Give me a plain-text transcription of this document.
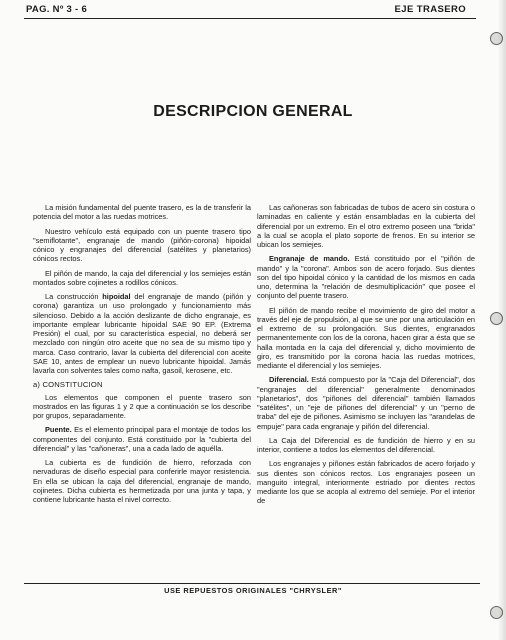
PAG. Nº 3 - 6	EJE TRASERO
DESCRIPCION GENERAL

La misión fundamental del puente trasero, es la de transferir la potencia del motor a las ruedas motrices.

Nuestro vehículo está equipado con un puente trasero tipo "semiflotante", engranaje de mando (piñón-corona) hipoidal cónico y engranajes del diferencial (satélites y planetarios) cónicos rectos.

El piñón de mando, la caja del diferencial y los semiejes están montados sobre cojinetes a rodillos cónicos.

La construcción hipoidal del engranaje de mando (piñón y corona) garantiza un uso prolongado y funcionamiento más silencioso. Debido a la acción deslizante de dicho engranaje, es importante emplear lubricante hipoidal SAE 90 EP. (Extrema Presión) el cual, por su característica especial, no deberá ser mezclado con ningún otro aceite que no sea de su mismo tipo y marca. Caso contrario, lavar la cubierta del diferencial con aceite SAE 10, antes de emplear un nuevo lubricante hipoidal. Jamás lavarla con solventes tales como nafta, gasoil, kerosene, etc.

a) CONSTITUCION

Los elementos que componen el puente trasero son mostrados en las figuras 1 y 2 que a continuación se los describe por grupos, separadamente.

Puente. Es el elemento principal para el montaje de todos los componentes del conjunto. Está constituido por la "cubierta del diferencial" y las "cañoneras", una a cada lado de aquélla.

La cubierta es de fundición de hierro, reforzada con nervaduras de diseño especial para conferirle mayor resistencia. En ella se ubican la caja del diferencial, engranaje de mando, cojinetes. Dicha cubierta es hermetizada por una junta y tapa, y contiene lubricante hasta el nivel correcto.

Las cañoneras son fabricadas de tubos de acero sin costura o laminadas en caliente y están ensambladas en la cubierta del diferencial por un extremo. En el otro extremo poseen una "brida" a la cual se acopla el plato soporte de frenos. En su interior se ubican los semiejes.

Engranaje de mando. Está constituido por el "piñón de mando" y la "corona". Ambos son de acero forjado. Sus dientes son del tipo hipoidal cónico y la cantidad de los mismos en cada uno, determina la "relación de desmultiplicación" que posee el conjunto del puente trasero.

El piñón de mando recibe el movimiento de giro del motor a través del eje de propulsión, al que se une por una articulación en el extremo de su prolongación. Sus dientes, engranados permanentemente con los de la corona, hacen girar a ésta que se halla montada en la caja del diferencial y, dicho movimiento de giro, es transmitido por la corona hacia las ruedas motrices, mediante el diferencial y los semiejes.

Diferencial. Está compuesto por la "Caja del Diferencial", dos "engranajes del diferencial" generalmente denominados "planetarios", dos "piñones del diferencial" también llamados "satélites", un "eje de piñones del diferencial" y un "perno de traba" del eje de piñones. Asimismo se incluyen las "arandelas de empuje" para cada engranaje y piñón del diferencial.

La Caja del Diferencial es de fundición de hierro y en su interior, contiene a todos los elementos del diferencial.

Los engranajes y piñones están fabricados de acero forjado y sus dientes son cónicos rectos. Los engranajes poseen un manguito integral, interiormente estriado por dientes rectos mediante los que se acopla al extremo del semieje. Por el interior de

USE REPUESTOS ORIGINALES "CHRYSLER"
